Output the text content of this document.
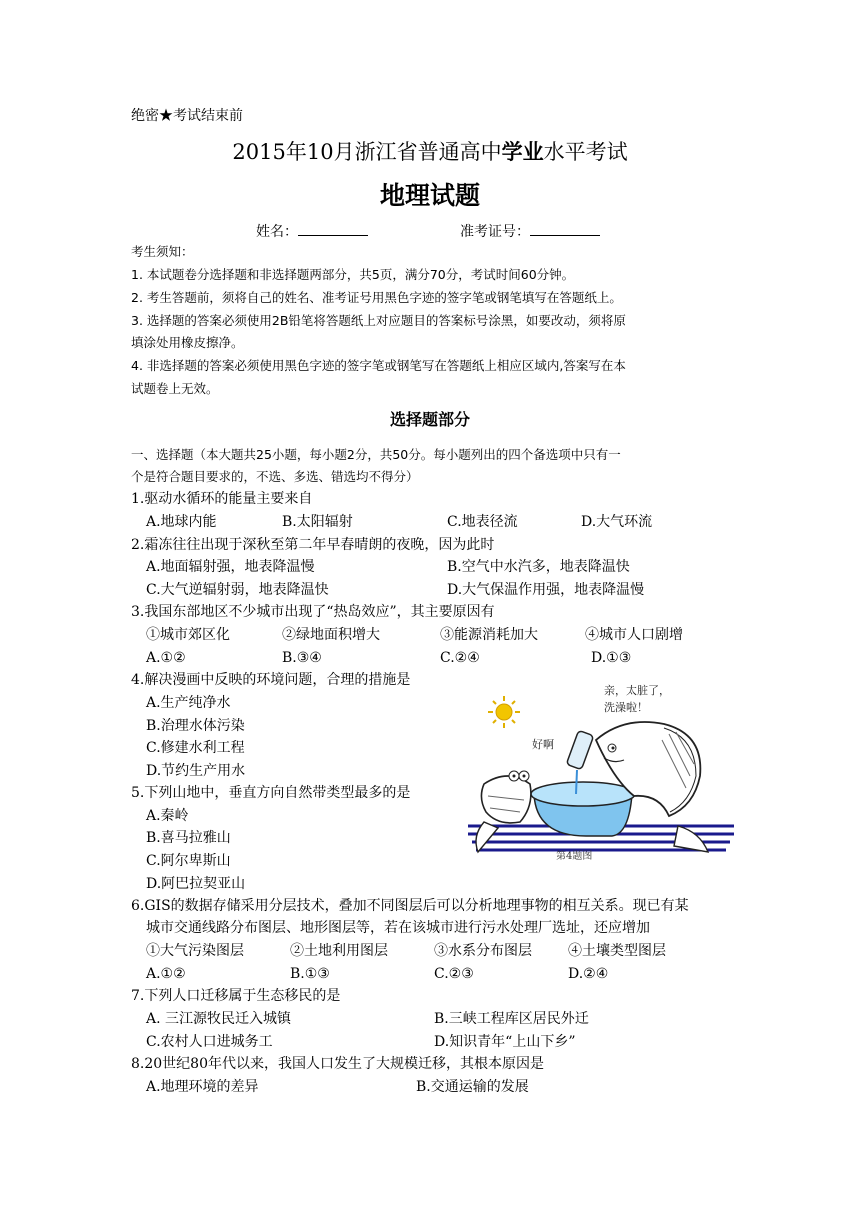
绝密★考试结束前
2015年10月浙江省普通高中学业水平考试
地理试题
姓名：	准考证号：
考生须知：
1. 本试题卷分选择题和非选择题两部分，共5页，满分70分，考试时间60分钟。
2. 考生答题前，须将自己的姓名、准考证号用黑色字迹的签字笔或钢笔填写在答题纸上。
3. 选择题的答案必须使用2B铅笔将答题纸上对应题目的答案标号涂黑，如要改动，须将原
填涂处用橡皮擦净。
4. 非选择题的答案必须使用黑色字迹的签字笔或钢笔写在答题纸上相应区域内,答案写在本
试题卷上无效。
选择题部分
一、选择题（本大题共25小题，每小题2分，共50分。每小题列出的四个备选项中只有一
个是符合题目要求的，不选、多选、错选均不得分）
1.驱动水循环的能量主要来自
A.地球内能	B.太阳辐射	C.地表径流	D.大气环流
2.霜冻往往出现于深秋至第二年早春晴朗的夜晚，因为此时
A.地面辐射强，地表降温慢	B.空气中水汽多，地表降温快
C.大气逆辐射弱，地表降温快	D.大气保温作用强，地表降温慢
3.我国东部地区不少城市出现了“热岛效应”，其主要原因有
①城市郊区化	②绿地面积增大	③能源消耗加大	④城市人口剧增
A.①②	B.③④	C.②④	D.①③
4.解决漫画中反映的环境问题，合理的措施是
A.生产纯净水
B.治理水体污染
C.修建水利工程
D.节约生产用水
5.下列山地中，垂直方向自然带类型最多的是
A.秦岭
B.喜马拉雅山
C.阿尔卑斯山
D.阿巴拉契亚山
亲，太脏了，
洗澡啦！
好啊
第4题图
6.GIS的数据存储采用分层技术，叠加不同图层后可以分析地理事物的相互关系。现已有某
城市交通线路分布图层、地形图层等，若在该城市进行污水处理厂选址，还应增加
①大气污染图层	②土地利用图层	③水系分布图层	④土壤类型图层
A.①②	B.①③	C.②③	D.②④
7.下列人口迁移属于生态移民的是
A. 三江源牧民迁入城镇	B.三峡工程库区居民外迁
C.农村人口进城务工	D.知识青年“上山下乡”
8.20世纪80年代以来，我国人口发生了大规模迁移，其根本原因是
A.地理环境的差异	B.交通运输的发展
